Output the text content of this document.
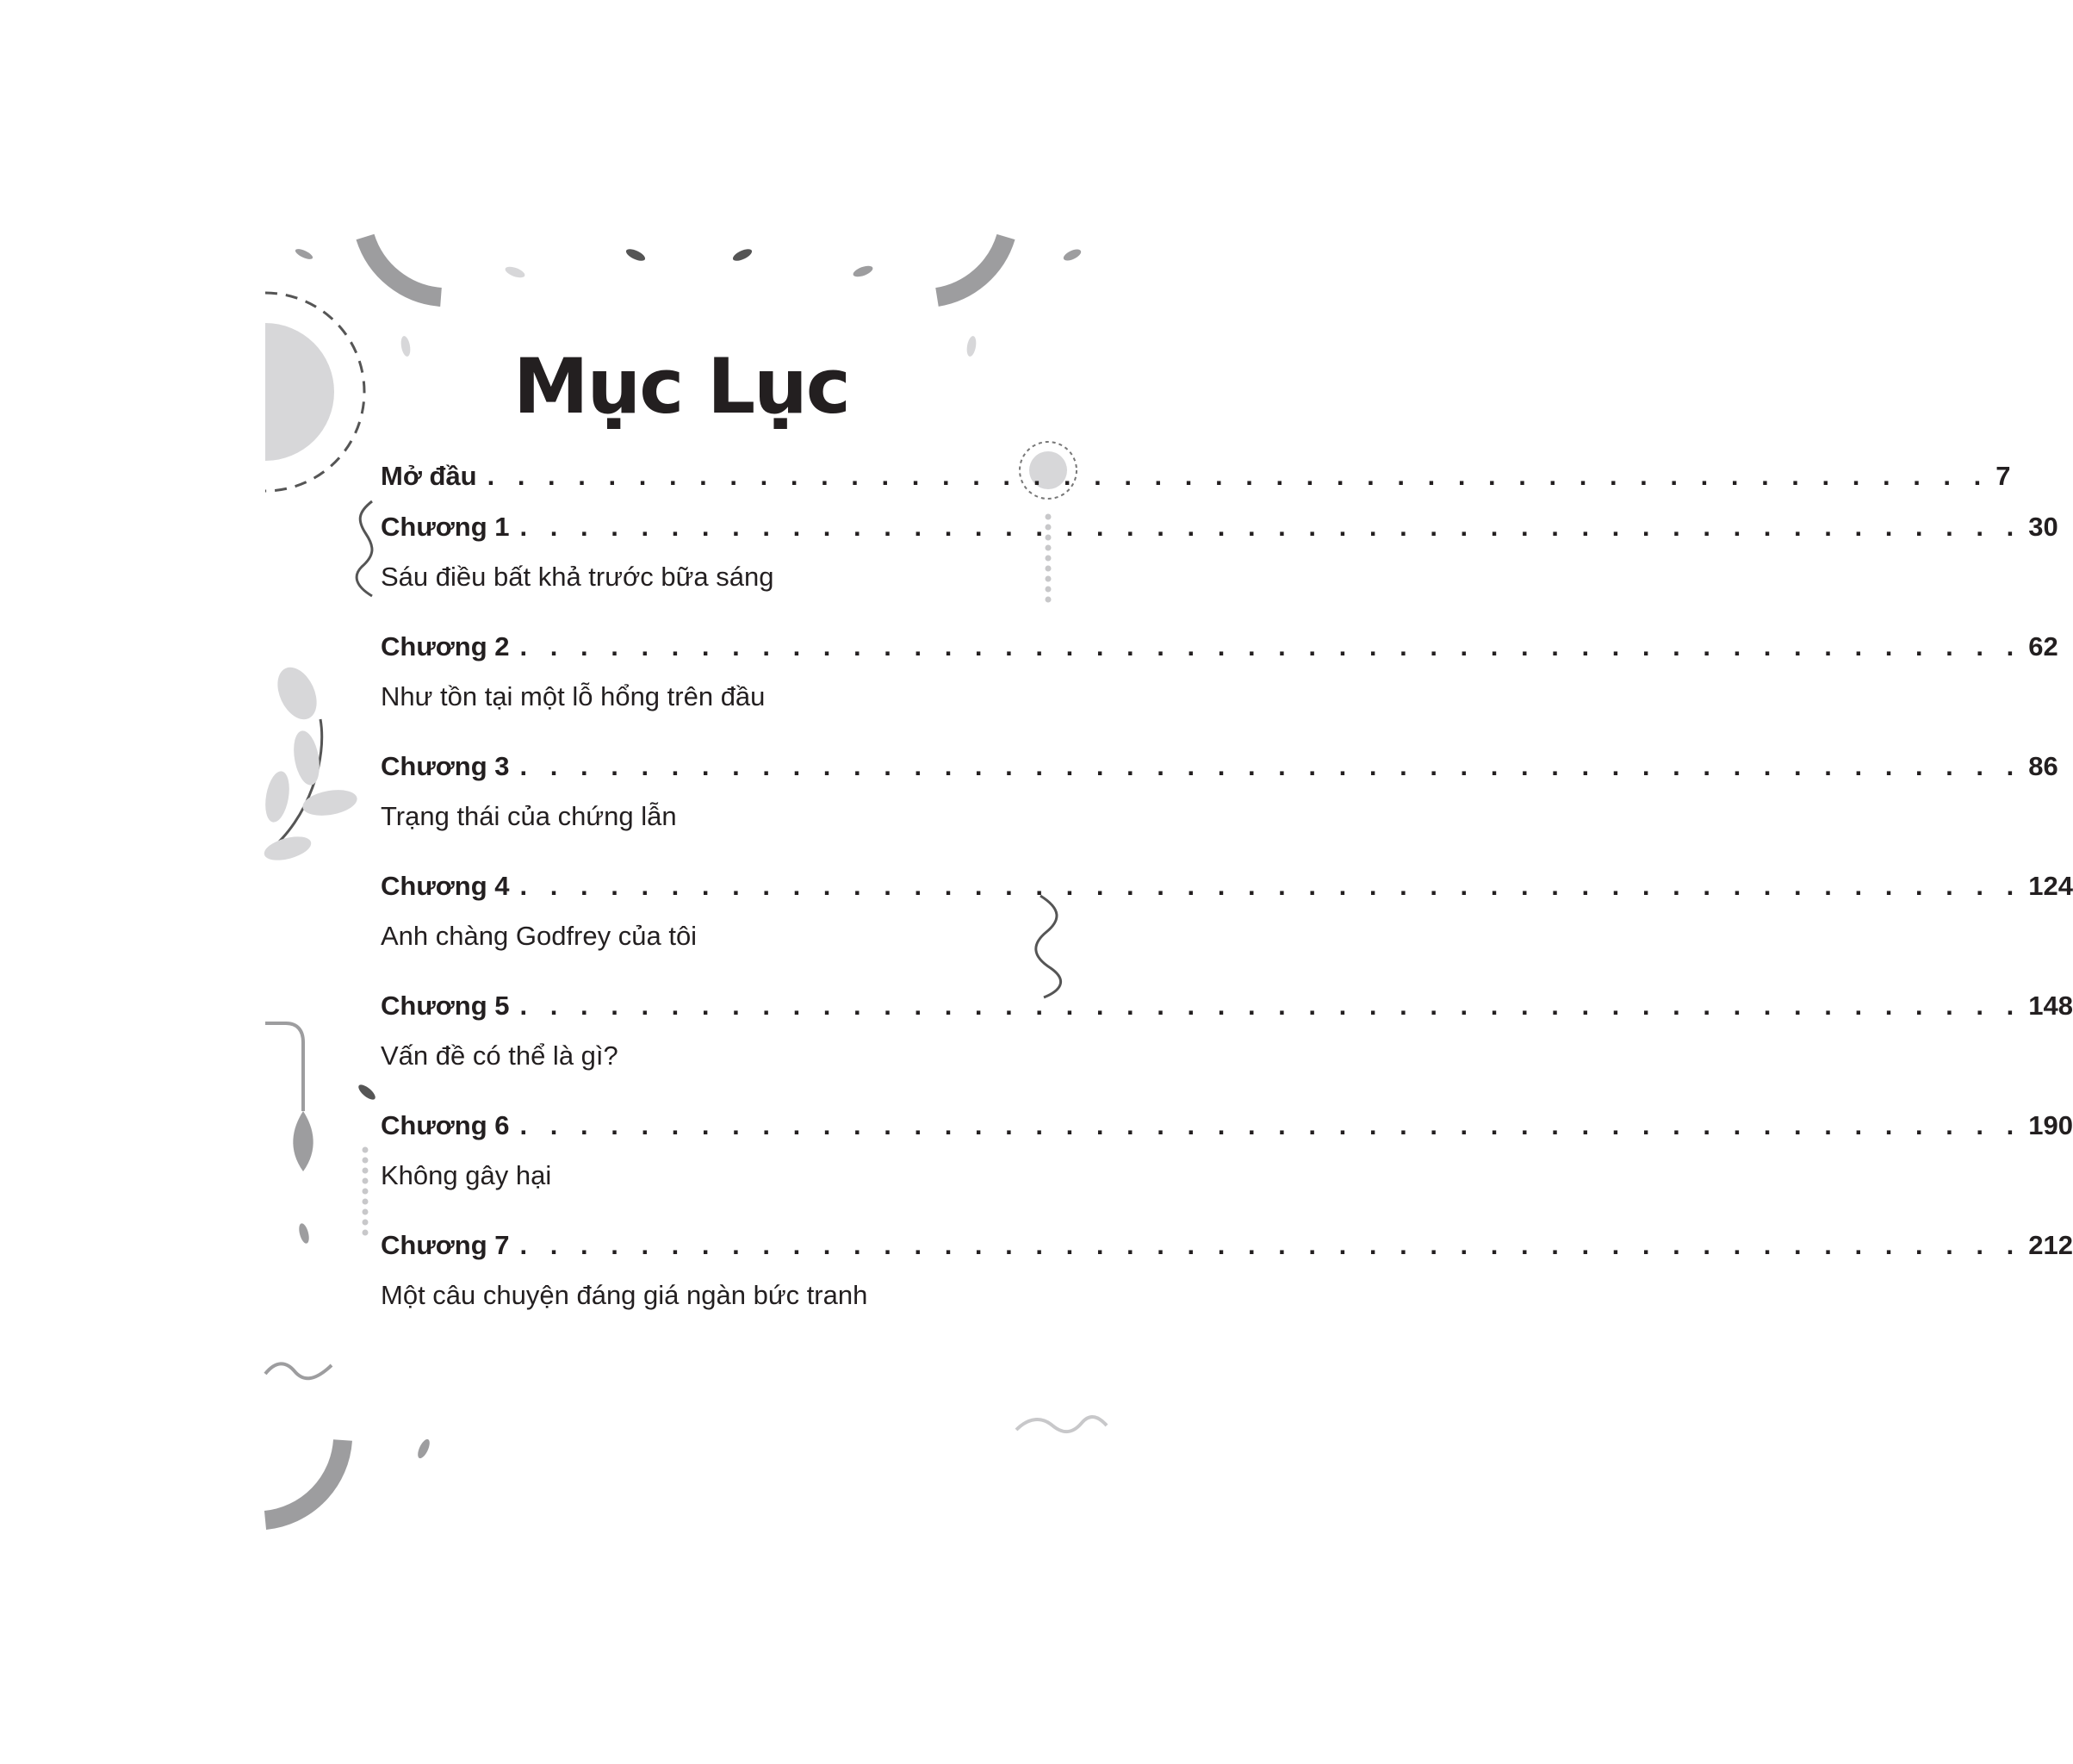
Mục Lục
Mở đầu . . . . . . . . . . . . . . . . . . . . . . . . . . . . . . . . . . . . . . . . . . . . . . . . . . 7
Chương 1 . . . . . . . . . . . . . . . . . . . . . . . . . . . . . . . . . . . . . . . . . . . . . . . . . . 30
Sáu điều bất khả trước bữa sáng
Chương 2 . . . . . . . . . . . . . . . . . . . . . . . . . . . . . . . . . . . . . . . . . . . . . . . . . . 62
Như tồn tại một lỗ hổng trên đầu
Chương 3 . . . . . . . . . . . . . . . . . . . . . . . . . . . . . . . . . . . . . . . . . . . . . . . . . . 86
Trạng thái của chứng lẫn
Chương 4 . . . . . . . . . . . . . . . . . . . . . . . . . . . . . . . . . . . . . . . . . . . . . . . . . . 124
Anh chàng Godfrey của tôi
Chương 5 . . . . . . . . . . . . . . . . . . . . . . . . . . . . . . . . . . . . . . . . . . . . . . . . . . 148
Vấn đề có thể là gì?
Chương 6 . . . . . . . . . . . . . . . . . . . . . . . . . . . . . . . . . . . . . . . . . . . . . . . . . . 190
Không gây hại
Chương 7 . . . . . . . . . . . . . . . . . . . . . . . . . . . . . . . . . . . . . . . . . . . . . . . . . . 212
Một câu chuyện đáng giá ngàn bức tranh
